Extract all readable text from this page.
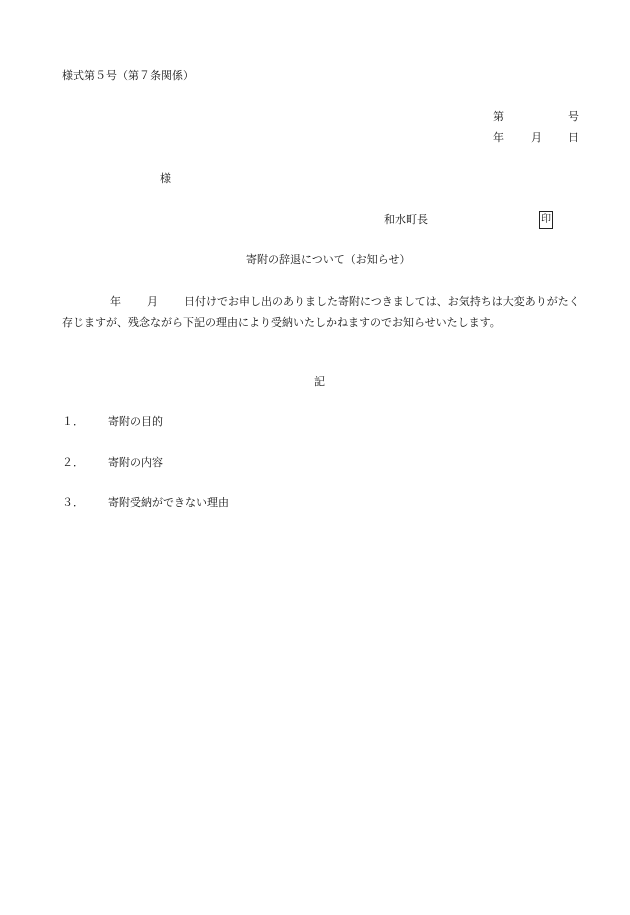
様式第５号（第７条関係）
第	号
年 月 日
様
和水町長	印
寄附の辞退について（お知らせ）
年 月 日付けでお申し出のありました寄附につきましては、お気持ちは大変ありがたく存じますが、残念ながら下記の理由により受納いたしかねますのでお知らせいたします。
記
１． 寄附の目的
２． 寄附の内容
３． 寄附受納ができない理由
